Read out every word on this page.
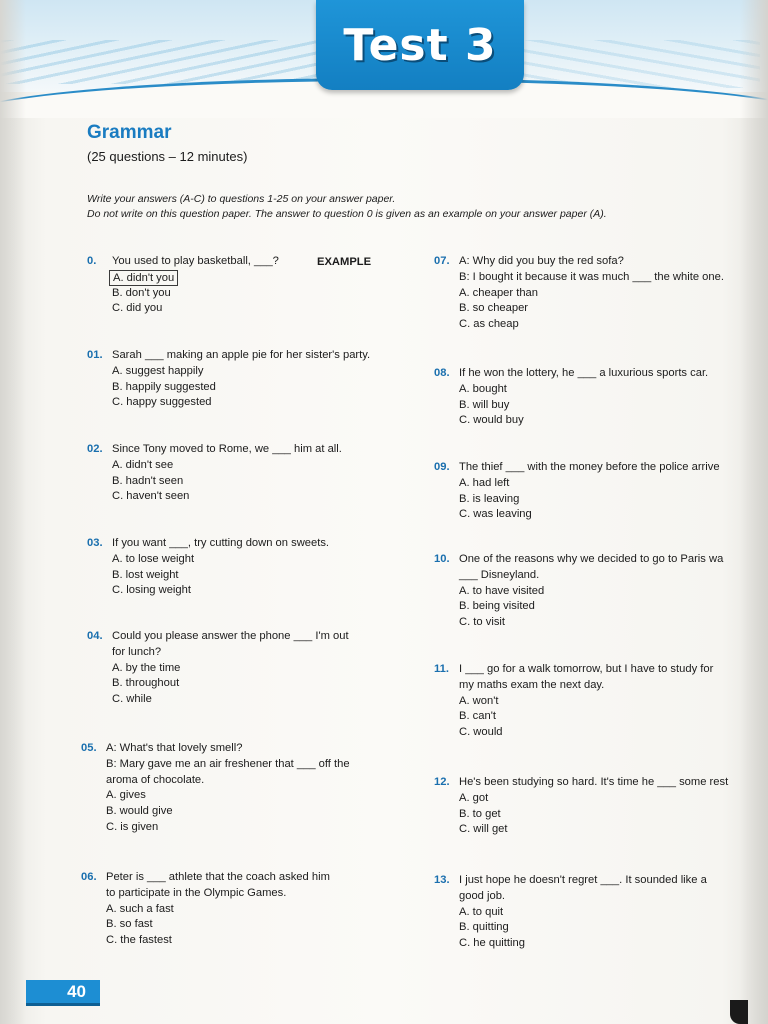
Test 3
Grammar
(25 questions – 12 minutes)
Write your answers (A-C) to questions 1-25 on your answer paper.
Do not write on this question paper. The answer to question 0 is given as an example on your answer paper (A).
EXAMPLE
0. You used to play basketball, ___?
A. didn't you
B. don't you
C. did you
01. Sarah ___ making an apple pie for her sister's party.
A. suggest happily
B. happily suggested
C. happy suggested
02. Since Tony moved to Rome, we ___ him at all.
A. didn't see
B. hadn't seen
C. haven't seen
03. If you want ___, try cutting down on sweets.
A. to lose weight
B. lost weight
C. losing weight
04. Could you please answer the phone ___ I'm out
for lunch?
A. by the time
B. throughout
C. while
05. A: What's that lovely smell?
B: Mary gave me an air freshener that ___ off the
aroma of chocolate.
A. gives
B. would give
C. is given
06. Peter is ___ athlete that the coach asked him
to participate in the Olympic Games.
A. such a fast
B. so fast
C. the fastest
07. A: Why did you buy the red sofa?
B: I bought it because it was much ___ the white one.
A. cheaper than
B. so cheaper
C. as cheap
08. If he won the lottery, he ___ a luxurious sports car.
A. bought
B. will buy
C. would buy
09. The thief ___ with the money before the police arrive
A. had left
B. is leaving
C. was leaving
10. One of the reasons why we decided to go to Paris wa
___ Disneyland.
A. to have visited
B. being visited
C. to visit
11. I ___ go for a walk tomorrow, but I have to study for
my maths exam the next day.
A. won't
B. can't
C. would
12. He's been studying so hard. It's time he ___ some rest
A. got
B. to get
C. will get
13. I just hope he doesn't regret ___. It sounded like a
good job.
A. to quit
B. quitting
C. he quitting
40
